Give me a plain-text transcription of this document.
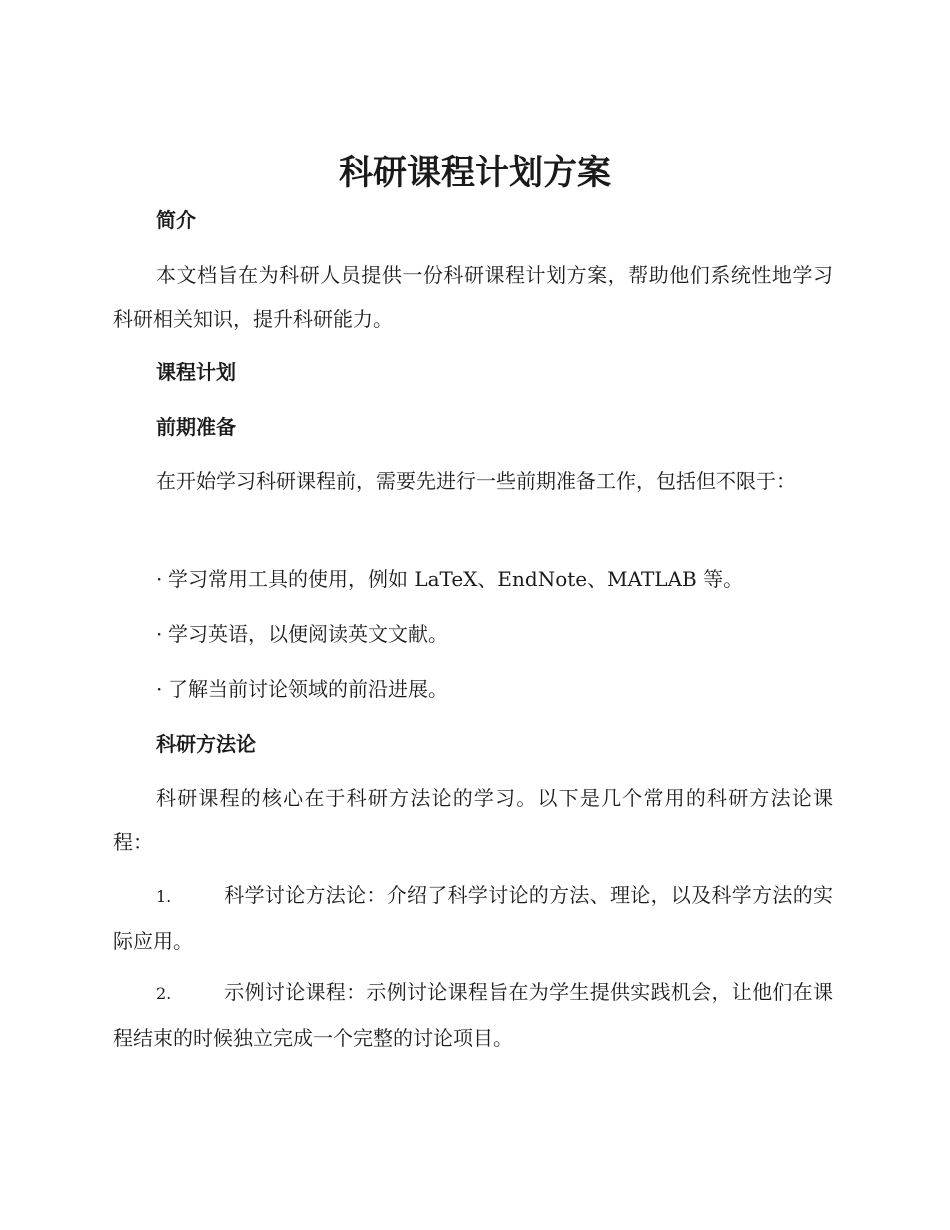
科研课程计划方案
简介

本文档旨在为科研人员提供一份科研课程计划方案，帮助他们系统性地学习科研相关知识，提升科研能力。

课程计划
前期准备

在开始学习科研课程前，需要先进行一些前期准备工作，包括但不限于：

· 学习常用工具的使用，例如 LaTeX、EndNote、MATLAB 等。

· 学习英语，以便阅读英文文献。

· 了解当前讨论领域的前沿进展。

科研方法论

科研课程的核心在于科研方法论的学习。以下是几个常用的科研方法论课程：

1.	科学讨论方法论：介绍了科学讨论的方法、理论，以及科学方法的实际应用。

2.	示例讨论课程：示例讨论课程旨在为学生提供实践机会，让他们在课程结束的时候独立完成一个完整的讨论项目。
